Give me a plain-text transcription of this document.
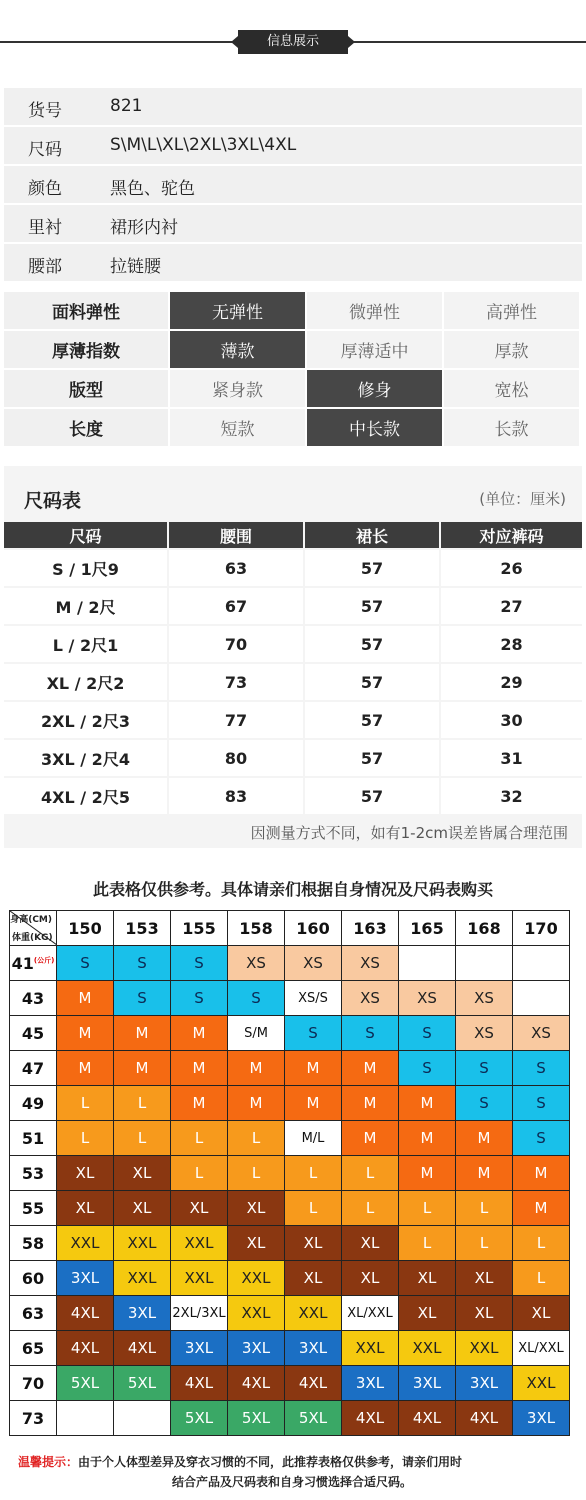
信息展示
货号	821
尺码	S\M\L\XL\2XL\3XL\4XL
颜色	黑色、驼色
里衬	裙形内衬
腰部	拉链腰
面料弹性	无弹性	微弹性	高弹性
厚薄指数	薄款	厚薄适中	厚款
版型	紧身款	修身	宽松
长度	短款	中长款	长款
尺码表	(单位：厘米)
尺码	腰围	裙长	对应裤码
S / 1尺9	63	57	26
M / 2尺	67	57	27
L / 2尺1	70	57	28
XL / 2尺2	73	57	29
2XL / 2尺3	77	57	30
3XL / 2尺4	80	57	31
4XL / 2尺5	83	57	32
因测量方式不同，如有1-2cm误差皆属合理范围
此表格仅供参考。具体请亲们根据自身情况及尺码表购买
身高(CM)
体重(KG)	150	153	155	158	160	163	165	168	170
$41^{(公斤)}$	S	S	S	XS	XS	XS			
43	M	S	S	S	XS/S	XS	XS	XS	
45	M	M	M	S/M	S	S	S	XS	XS
47	M	M	M	M	M	M	S	S	S
49	L	L	M	M	M	M	M	S	S
51	L	L	L	L	M/L	M	M	M	S
53	XL	XL	L	L	L	L	M	M	M
55	XL	XL	XL	XL	L	L	L	L	M
58	XXL	XXL	XXL	XL	XL	XL	L	L	L
60	3XL	XXL	XXL	XXL	XL	XL	XL	XL	L
63	4XL	3XL	2XL/3XL	XXL	XXL	XL/XXL	XL	XL	XL
65	4XL	4XL	3XL	3XL	3XL	XXL	XXL	XXL	XL/XXL
70	5XL	5XL	4XL	4XL	4XL	3XL	3XL	3XL	XXL
73			5XL	5XL	5XL	4XL	4XL	4XL	3XL
温馨提示：由于个人体型差异及穿衣习惯的不同，此推荐表格仅供参考，请亲们用时
结合产品及尺码表和自身习惯选择合适尺码。
